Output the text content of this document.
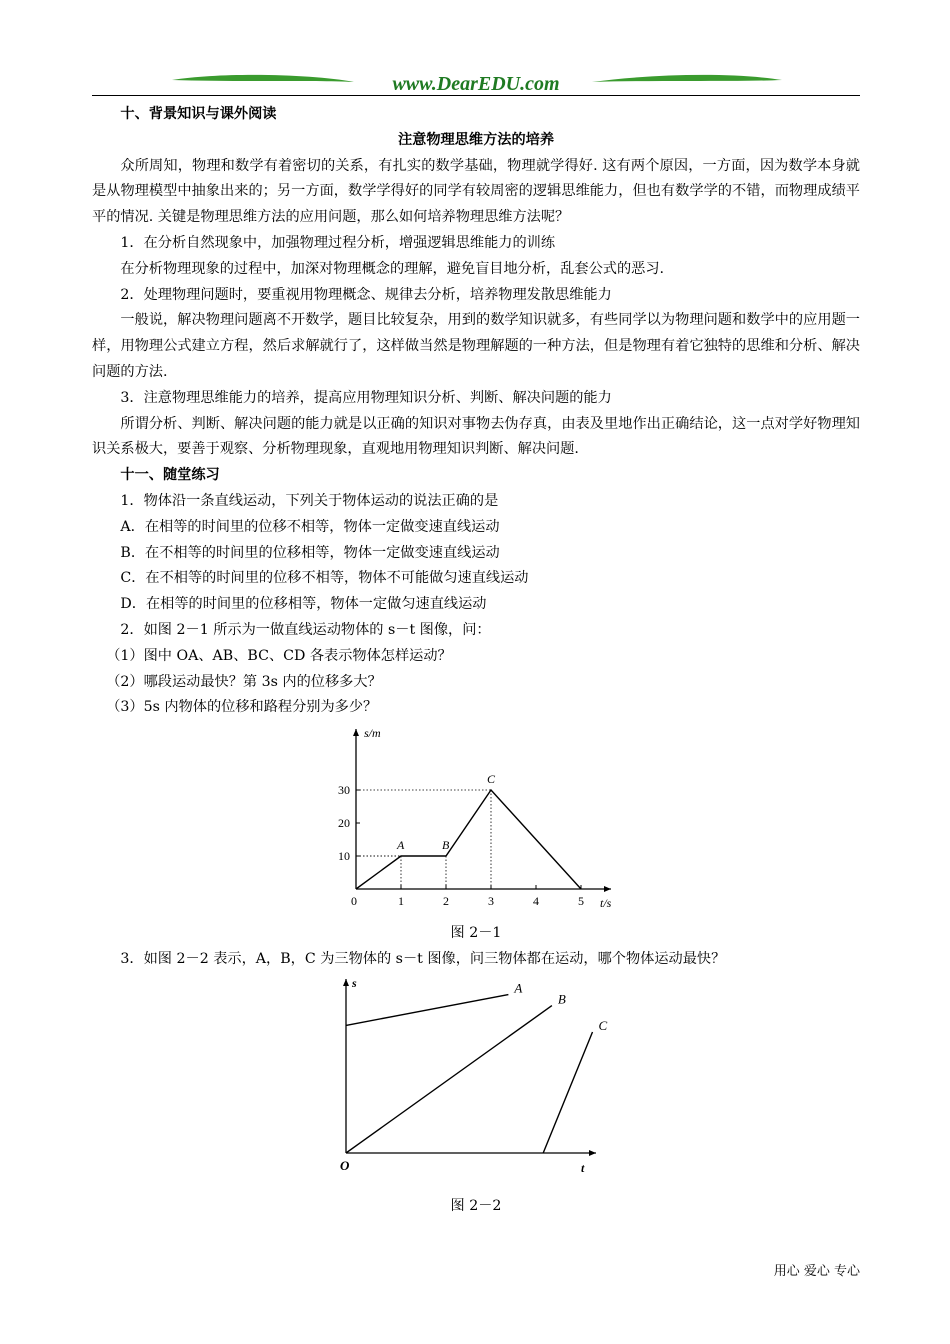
www.DearEDU.com

十、背景知识与课外阅读

注意物理思维方法的培养

众所周知，物理和数学有着密切的关系，有扎实的数学基础，物理就学得好. 这有两个原因，一方面，因为数学本身就是从物理模型中抽象出来的；另一方面，数学学得好的同学有较周密的逻辑思维能力，但也有数学学的不错，而物理成绩平平的情况. 关键是物理思维方法的应用问题，那么如何培养物理思维方法呢？

1．在分析自然现象中，加强物理过程分析，增强逻辑思维能力的训练

在分析物理现象的过程中，加深对物理概念的理解，避免盲目地分析，乱套公式的恶习.

2．处理物理问题时，要重视用物理概念、规律去分析，培养物理发散思维能力

一般说，解决物理问题离不开数学，题目比较复杂，用到的数学知识就多，有些同学以为物理问题和数学中的应用题一样，用物理公式建立方程，然后求解就行了，这样做当然是物理解题的一种方法，但是物理有着它独特的思维和分析、解决问题的方法.

3．注意物理思维能力的培养，提高应用物理知识分析、判断、解决问题的能力

所谓分析、判断、解决问题的能力就是以正确的知识对事物去伪存真，由表及里地作出正确结论，这一点对学好物理知识关系极大，要善于观察、分析物理现象，直观地用物理知识判断、解决问题.

十一、随堂练习

1．物体沿一条直线运动，下列关于物体运动的说法正确的是

A．在相等的时间里的位移不相等，物体一定做变速直线运动

B．在不相等的时间里的位移相等，物体一定做变速直线运动

C．在不相等的时间里的位移不相等，物体不可能做匀速直线运动

D．在相等的时间里的位移相等，物体一定做匀速直线运动

2．如图 2－1 所示为一做直线运动物体的 s－t 图像，问：

（1）图中 OA、AB、BC、CD 各表示物体怎样运动？

（2）哪段运动最快？第 3s 内的位移多大？

（3）5s 内物体的位移和路程分别为多少？

s/m
t/s
0	1	2	3	4	5
10
20
30
A	B
C

图 2－1

3．如图 2－2 表示，A，B，C 为三物体的 s－t 图像，问三物体都在运动，哪个物体运动最快？

s
t
O
A
B
C

图 2－2

用心 爱心 专心
